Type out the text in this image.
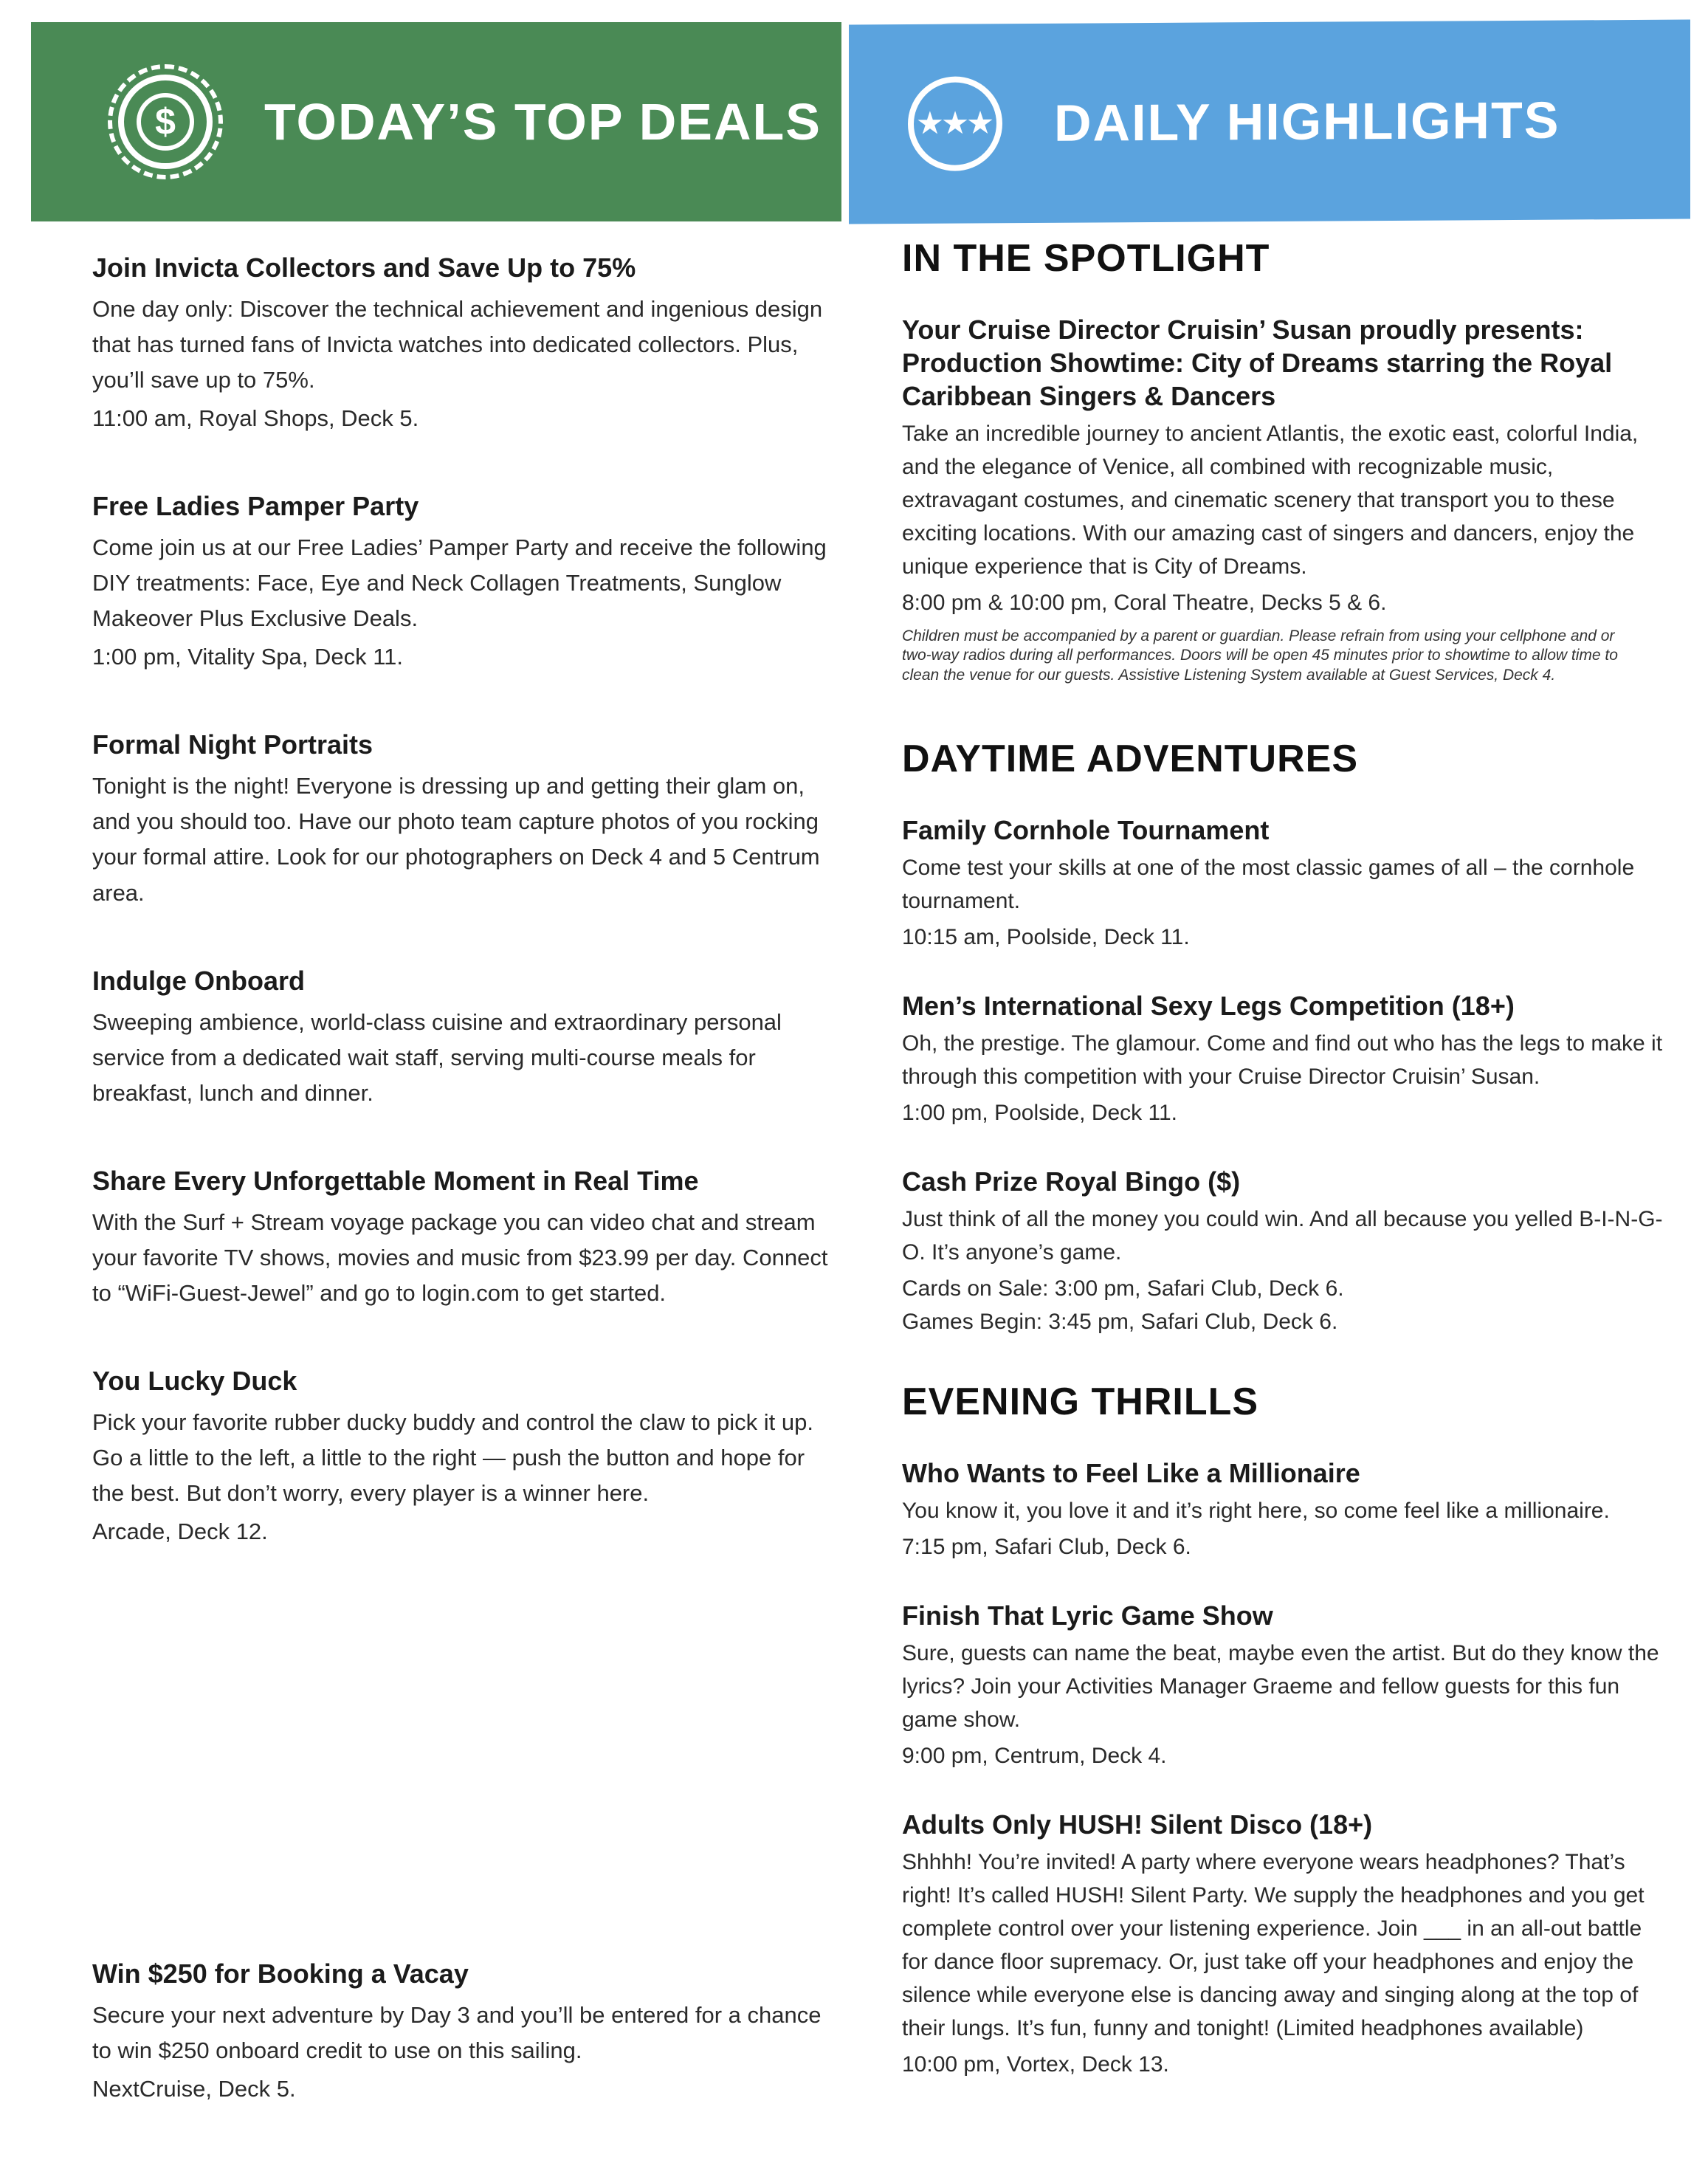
$	TODAY’S TOP DEALS	★★★ DAILY HIGHLIGHTS
Join Invicta Collectors and Save Up to 75%

One day only: Discover the technical achievement and ingenious design that has turned fans of Invicta watches into dedicated collectors. Plus, you’ll save up to 75%.

11:00 am, Royal Shops, Deck 5.

Free Ladies Pamper Party

Come join us at our Free Ladies’ Pamper Party and receive the following DIY treatments: Face, Eye and Neck Collagen Treatments, Sunglow Makeover Plus Exclusive Deals.

1:00 pm, Vitality Spa, Deck 11.

Formal Night Portraits

Tonight is the night! Everyone is dressing up and getting their glam on, and you should too. Have our photo team capture photos of you rocking your formal attire. Look for our photographers on Deck 4 and 5 Centrum area.

Indulge Onboard

Sweeping ambience, world-class cuisine and extraordinary personal service from a dedicated wait staff, serving multi-course meals for breakfast, lunch and dinner.

Share Every Unforgettable Moment in Real Time

With the Surf + Stream voyage package you can video chat and stream your favorite TV shows, movies and music from $23.99 per day. Connect to “WiFi-Guest-Jewel” and go to login.com to get started.

You Lucky Duck

Pick your favorite rubber ducky buddy and control the claw to pick it up. Go a little to the left, a little to the right — push the button and hope for the best. But don’t worry, every player is a winner here.

Arcade, Deck 12.

Win $250 for Booking a Vacay

Secure your next adventure by Day 3 and you’ll be entered for a chance to win $250 onboard credit to use on this sailing.

NextCruise, Deck 5.

IN THE SPOTLIGHT
Your Cruise Director Cruisin’ Susan proudly presents: Production Showtime: City of Dreams starring the Royal Caribbean Singers & Dancers

Take an incredible journey to ancient Atlantis, the exotic east, colorful India, and the elegance of Venice, all combined with recognizable music, extravagant costumes, and cinematic scenery that transport you to these exciting locations. With our amazing cast of singers and dancers, enjoy the unique experience that is City of Dreams.

8:00 pm & 10:00 pm, Coral Theatre, Decks 5 & 6.

Children must be accompanied by a parent or guardian. Please refrain from using your cellphone and or two-way radios during all performances. Doors will be open 45 minutes prior to showtime to allow time to clean the venue for our guests. Assistive Listening System available at Guest Services, Deck 4.
DAYTIME ADVENTURES
Family Cornhole Tournament

Come test your skills at one of the most classic games of all – the cornhole tournament.

10:15 am, Poolside, Deck 11.

Men’s International Sexy Legs Competition (18+)

Oh, the prestige. The glamour. Come and find out who has the legs to make it through this competition with your Cruise Director Cruisin’ Susan.

1:00 pm, Poolside, Deck 11.

Cash Prize Royal Bingo ($)

Just think of all the money you could win. And all because you yelled B-I-N-G-O. It’s anyone’s game.

Cards on Sale: 3:00 pm, Safari Club, Deck 6.

Games Begin: 3:45 pm, Safari Club, Deck 6.

EVENING THRILLS
Who Wants to Feel Like a Millionaire

You know it, you love it and it’s right here, so come feel like a millionaire.

7:15 pm, Safari Club, Deck 6.

Finish That Lyric Game Show

Sure, guests can name the beat, maybe even the artist. But do they know the lyrics? Join your Activities Manager Graeme and fellow guests for this fun game show.

9:00 pm, Centrum, Deck 4.

Adults Only HUSH! Silent Disco (18+)

Shhhh! You’re invited! A party where everyone wears headphones? That’s right! It’s called HUSH! Silent Party. We supply the headphones and you get complete control over your listening experience. Join ___ in an all-out battle for dance floor supremacy. Or, just take off your headphones and enjoy the silence while everyone else is dancing away and singing along at the top of their lungs. It’s fun, funny and tonight! (Limited headphones available)

10:00 pm, Vortex, Deck 13.
